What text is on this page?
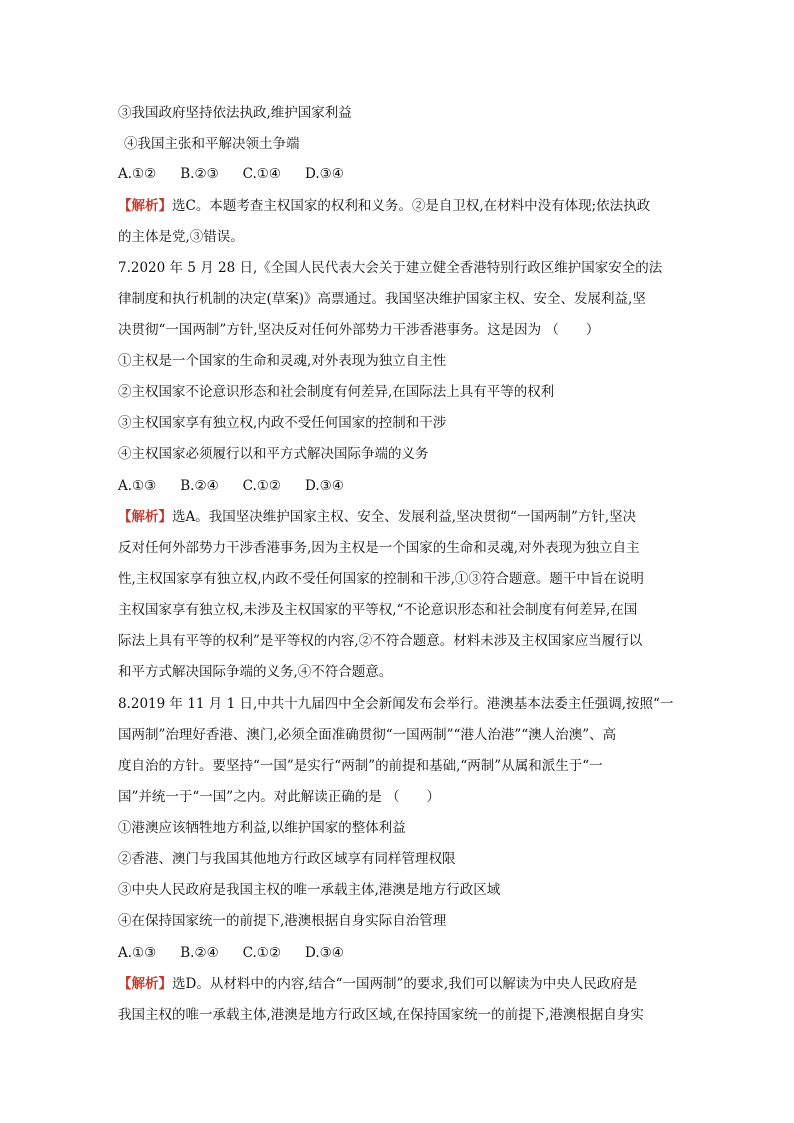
③我国政府坚持依法执政,维护国家利益
④我国主张和平解决领土争端
A.①② B.②③ C.①④ D.③④
【解析】选C。本题考查主权国家的权利和义务。②是自卫权,在材料中没有体现;依法执政
的主体是党,③错误。
7.2020 年 5 月 28 日,《全国人民代表大会关于建立健全香港特别行政区维护国家安全的法
律制度和执行机制的决定(草案)》高票通过。我国坚决维护国家主权、安全、发展利益,坚
决贯彻“一国两制”方针,坚决反对任何外部势力干涉香港事务。这是因为 （　　）
①主权是一个国家的生命和灵魂,对外表现为独立自主性
②主权国家不论意识形态和社会制度有何差异,在国际法上具有平等的权利
③主权国家享有独立权,内政不受任何国家的控制和干涉
④主权国家必须履行以和平方式解决国际争端的义务
A.①③ B.②④ C.①② D.③④
【解析】选A。我国坚决维护国家主权、安全、发展利益,坚决贯彻“一国两制”方针,坚决
反对任何外部势力干涉香港事务,因为主权是一个国家的生命和灵魂,对外表现为独立自主
性,主权国家享有独立权,内政不受任何国家的控制和干涉,①③符合题意。题干中旨在说明
主权国家享有独立权,未涉及主权国家的平等权,“不论意识形态和社会制度有何差异,在国
际法上具有平等的权利”是平等权的内容,②不符合题意。材料未涉及主权国家应当履行以
和平方式解决国际争端的义务,④不符合题意。
8.2019 年 11 月 1 日,中共十九届四中全会新闻发布会举行。港澳基本法委主任强调,按照“一
国两制”治理好香港、澳门,必须全面准确贯彻“一国两制”“港人治港”“澳人治澳”、高
度自治的方针。要坚持“一国”是实行“两制”的前提和基础,“两制”从属和派生于“一
国”并统一于“一国”之内。对此解读正确的是 （　　）
①港澳应该牺牲地方利益,以维护国家的整体利益
②香港、澳门与我国其他地方行政区域享有同样管理权限
③中央人民政府是我国主权的唯一承载主体,港澳是地方行政区域
④在保持国家统一的前提下,港澳根据自身实际自治管理
A.①③ B.②④ C.①② D.③④
【解析】选D。从材料中的内容,结合“一国两制”的要求,我们可以解读为中央人民政府是
我国主权的唯一承载主体,港澳是地方行政区域,在保持国家统一的前提下,港澳根据自身实
